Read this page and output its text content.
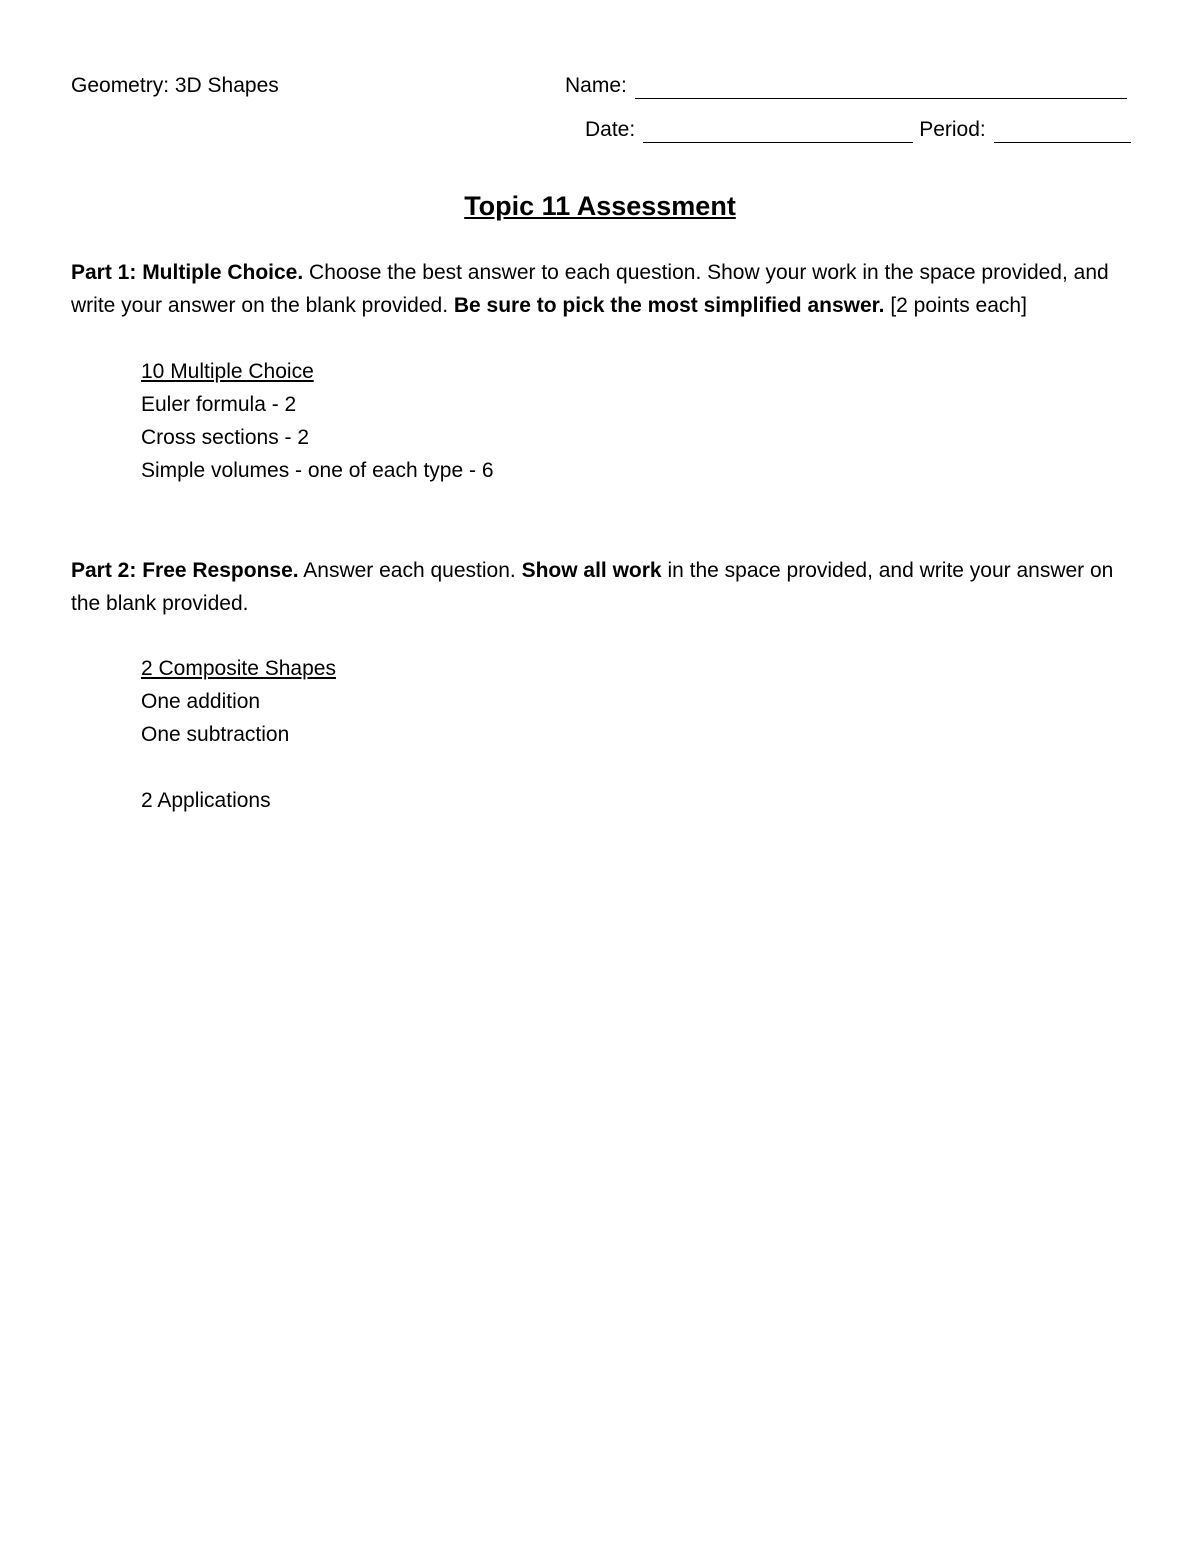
Geometry: 3D Shapes	Name:
Date:	Period:
Topic 11 Assessment
Part 1: Multiple Choice. Choose the best answer to each question. Show your work in the space provided, and write your answer on the blank provided. Be sure to pick the most simplified answer. [2 points each]
10 Multiple Choice
Euler formula - 2
Cross sections - 2
Simple volumes - one of each type - 6
Part 2: Free Response. Answer each question. Show all work in the space provided, and write your answer on the blank provided.
2 Composite Shapes
One addition
One subtraction
2 Applications
